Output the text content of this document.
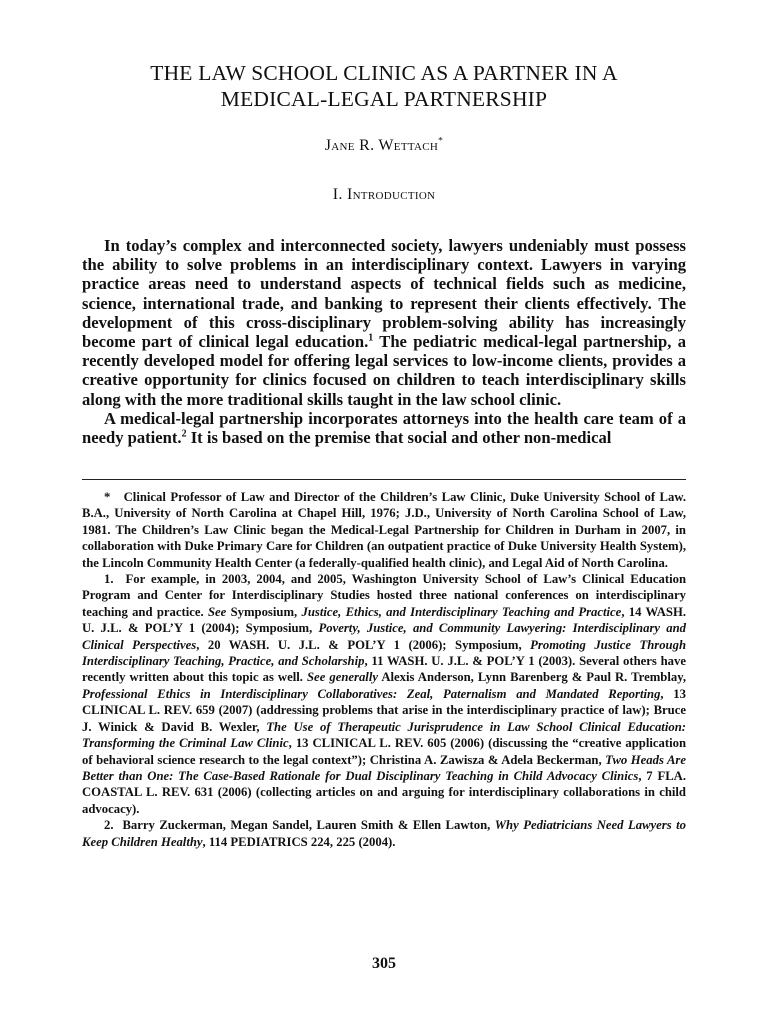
THE LAW SCHOOL CLINIC AS A PARTNER IN A
MEDICAL-LEGAL PARTNERSHIP
Jane R. Wettach*
I. Introduction

In today’s complex and interconnected society, lawyers undeniably must possess the ability to solve problems in an interdisciplinary context. Lawyers in varying practice areas need to understand aspects of technical fields such as medicine, science, international trade, and banking to represent their clients effectively. The development of this cross-disciplinary problem-solving ability has increasingly become part of clinical legal education.$^1$ The pediatric medical-legal partnership, a recently developed model for offering legal services to low-income clients, provides a creative opportunity for clinics focused on children to teach interdisciplinary skills along with the more traditional skills taught in the law school clinic.

A medical-legal partnership incorporates attorneys into the health care team of a needy patient.$^2$ It is based on the premise that social and other non-medical

* Clinical Professor of Law and Director of the Children’s Law Clinic, Duke University School of Law. B.A., University of North Carolina at Chapel Hill, 1976; J.D., University of North Carolina School of Law, 1981. The Children’s Law Clinic began the Medical-Legal Partnership for Children in Durham in 2007, in collaboration with Duke Primary Care for Children (an outpatient practice of Duke University Health System), the Lincoln Community Health Center (a federally-qualified health clinic), and Legal Aid of North Carolina.

1. For example, in 2003, 2004, and 2005, Washington University School of Law’s Clinical Education Program and Center for Interdisciplinary Studies hosted three national conferences on interdisciplinary teaching and practice. See Symposium, Justice, Ethics, and Interdisciplinary Teaching and Practice, 14 WASH. U. J.L. & POL’Y 1 (2004); Symposium, Poverty, Justice, and Community Lawyering: Interdisciplinary and Clinical Perspectives, 20 WASH. U. J.L. & POL’Y 1 (2006); Symposium, Promoting Justice Through Interdisciplinary Teaching, Practice, and Scholarship, 11 WASH. U. J.L. & POL’Y 1 (2003). Several others have recently written about this topic as well. See generally Alexis Anderson, Lynn Barenberg & Paul R. Tremblay, Professional Ethics in Interdisciplinary Collaboratives: Zeal, Paternalism and Mandated Reporting, 13 CLINICAL L. REV. 659 (2007) (addressing problems that arise in the interdisciplinary practice of law); Bruce J. Winick & David B. Wexler, The Use of Therapeutic Jurisprudence in Law School Clinical Education: Transforming the Criminal Law Clinic, 13 CLINICAL L. REV. 605 (2006) (discussing the “creative application of behavioral science research to the legal context”); Christina A. Zawisza & Adela Beckerman, Two Heads Are Better than One: The Case-Based Rationale for Dual Disciplinary Teaching in Child Advocacy Clinics, 7 FLA. COASTAL L. REV. 631 (2006) (collecting articles on and arguing for interdisciplinary collaborations in child advocacy).

2. Barry Zuckerman, Megan Sandel, Lauren Smith & Ellen Lawton, Why Pediatricians Need Lawyers to Keep Children Healthy, 114 PEDIATRICS 224, 225 (2004).

305
